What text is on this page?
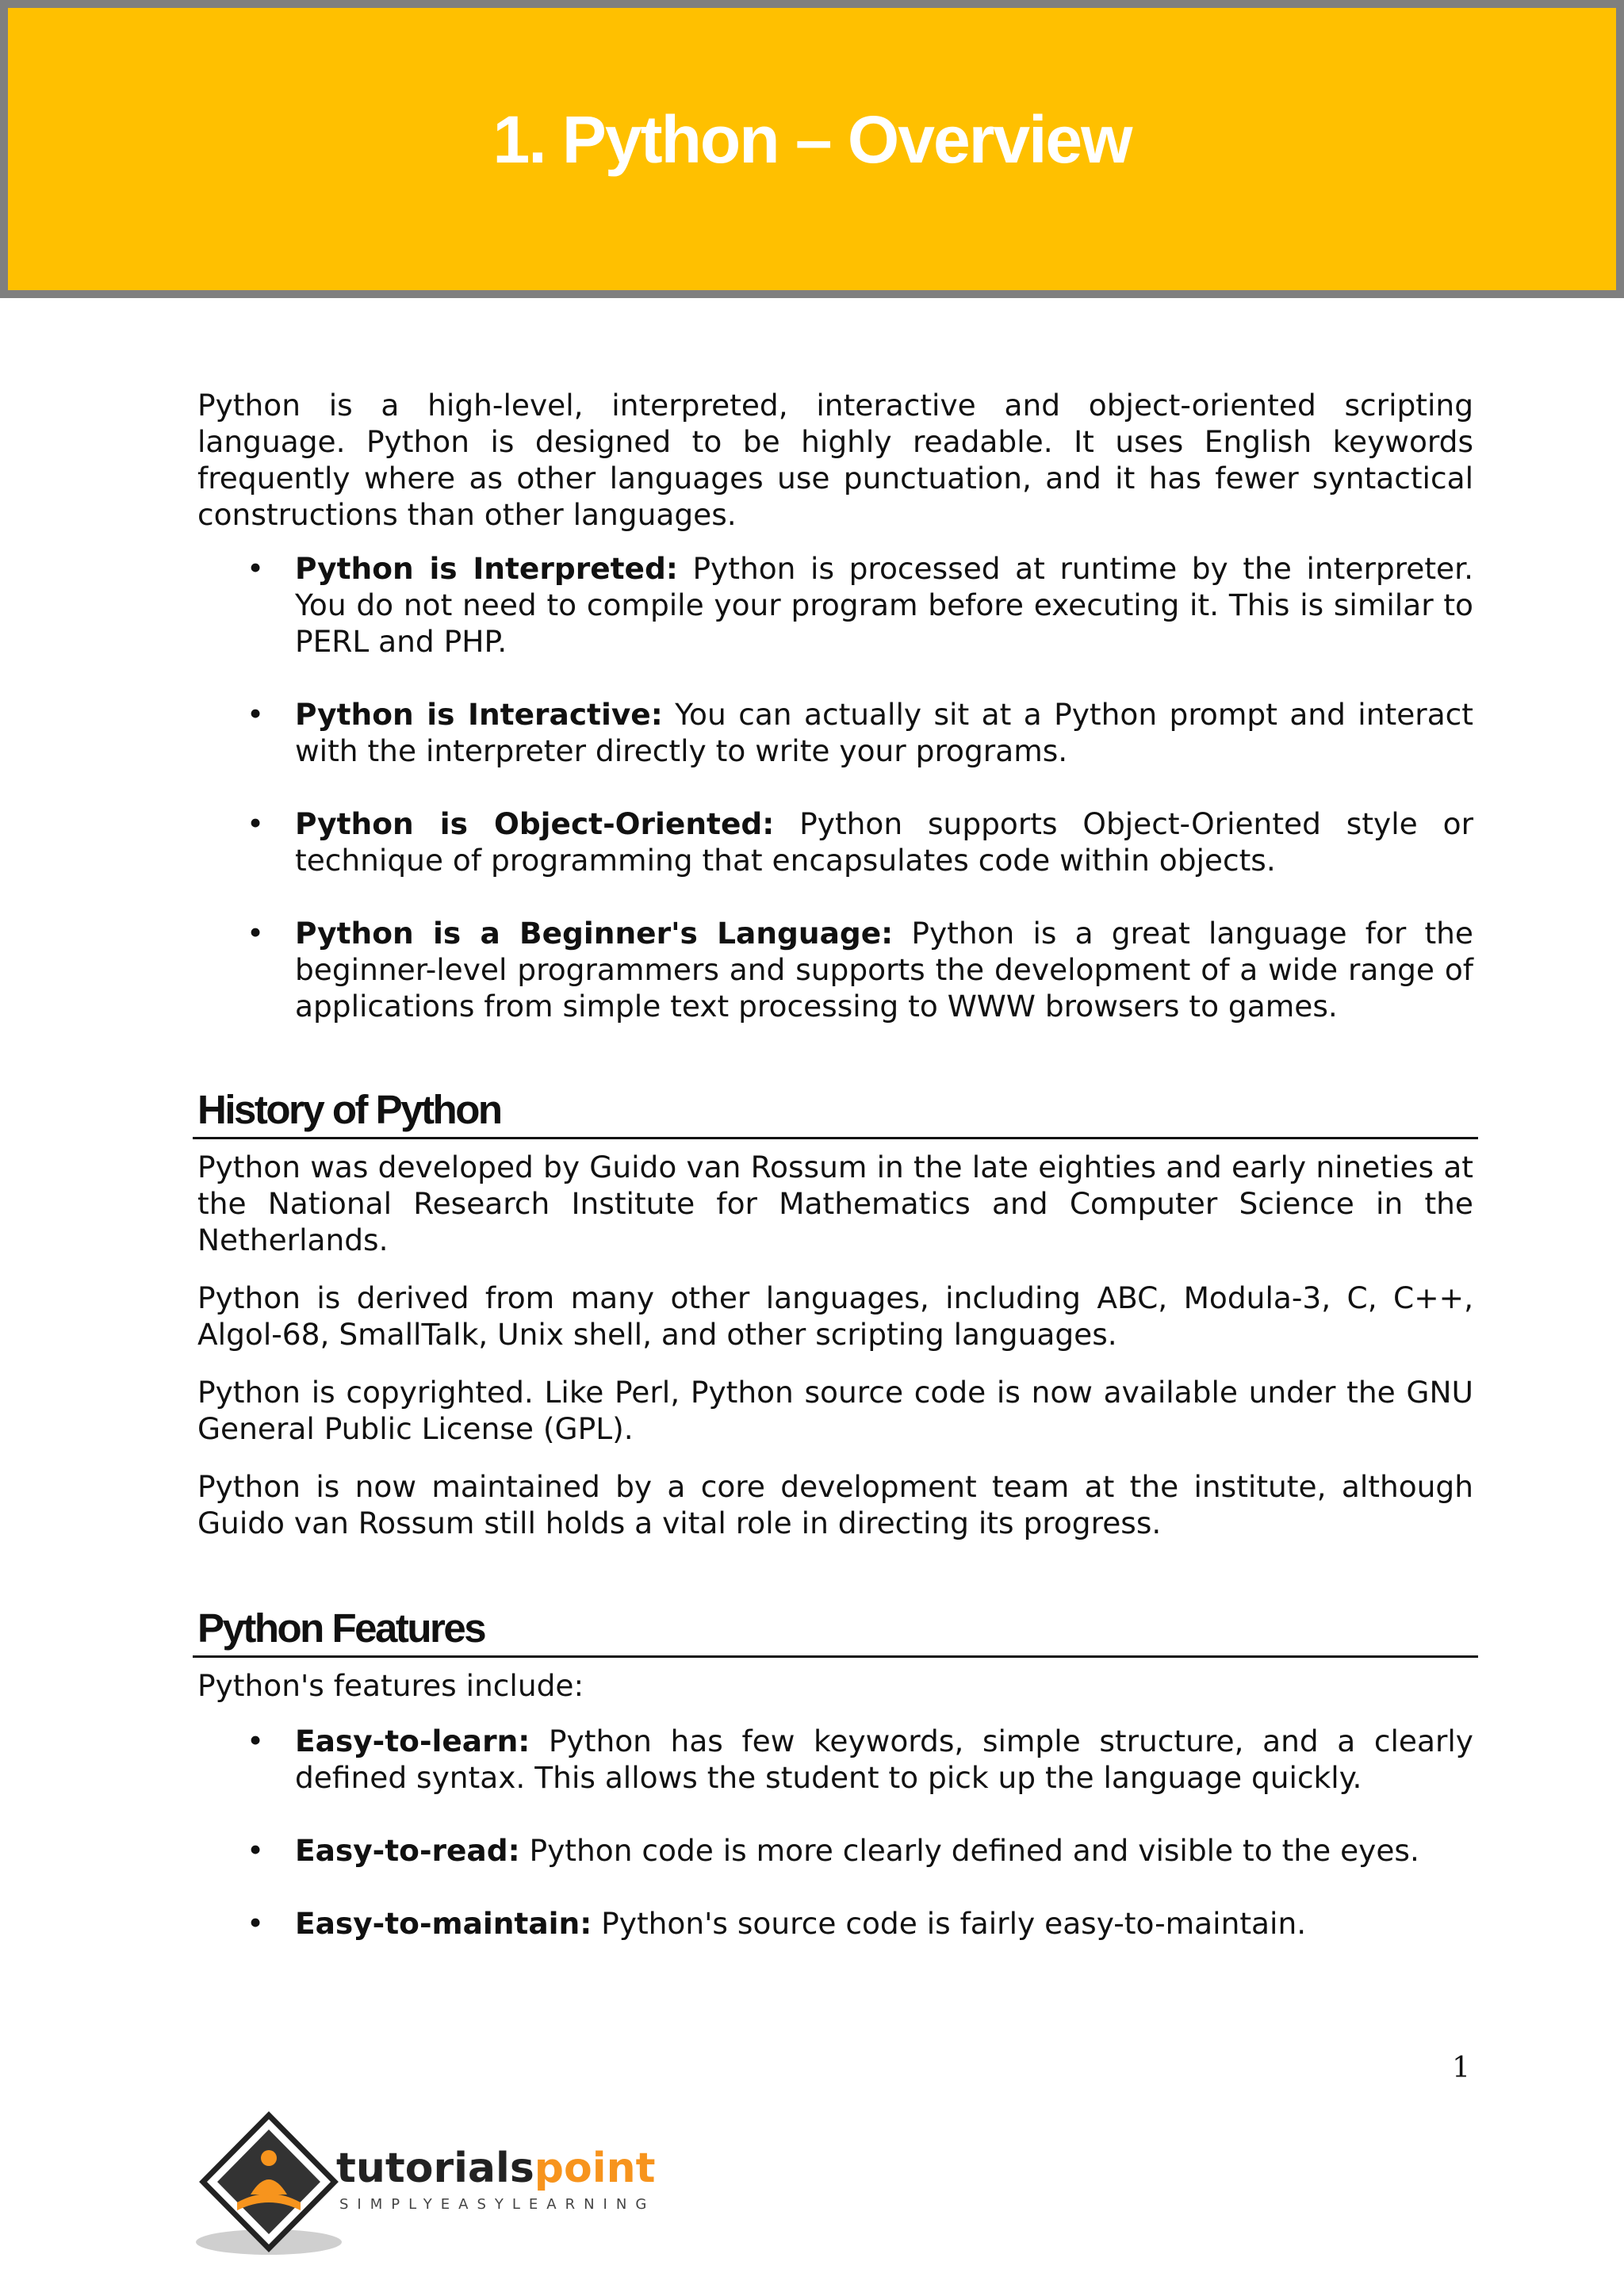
1. Python – Overview

Python is a high-level, interpreted, interactive and object-oriented scripting language. Python is designed to be highly readable. It uses English keywords frequently where as other languages use punctuation, and it has fewer syntactical constructions than other languages.

• Python is Interpreted: Python is processed at runtime by the interpreter. You do not need to compile your program before executing it. This is similar to PERL and PHP.
• Python is Interactive: You can actually sit at a Python prompt and interact with the interpreter directly to write your programs.
• Python is Object-Oriented: Python supports Object-Oriented style or technique of programming that encapsulates code within objects.
• Python is a Beginner's Language: Python is a great language for the beginner-level programmers and supports the development of a wide range of applications from simple text processing to WWW browsers to games.
History of Python

Python was developed by Guido van Rossum in the late eighties and early nineties at the National Research Institute for Mathematics and Computer Science in the Netherlands.

Python is derived from many other languages, including ABC, Modula-3, C, C++, Algol-68, SmallTalk, Unix shell, and other scripting languages.

Python is copyrighted. Like Perl, Python source code is now available under the GNU General Public License (GPL).

Python is now maintained by a core development team at the institute, although Guido van Rossum still holds a vital role in directing its progress.

Python Features

Python's features include:

• Easy-to-learn: Python has few keywords, simple structure, and a clearly defined syntax. This allows the student to pick up the language quickly.
• Easy-to-read: Python code is more clearly defined and visible to the eyes.
• Easy-to-maintain: Python's source code is fairly easy-to-maintain.
1
tutorialspoint
SIMPLYEASYLEARNING
